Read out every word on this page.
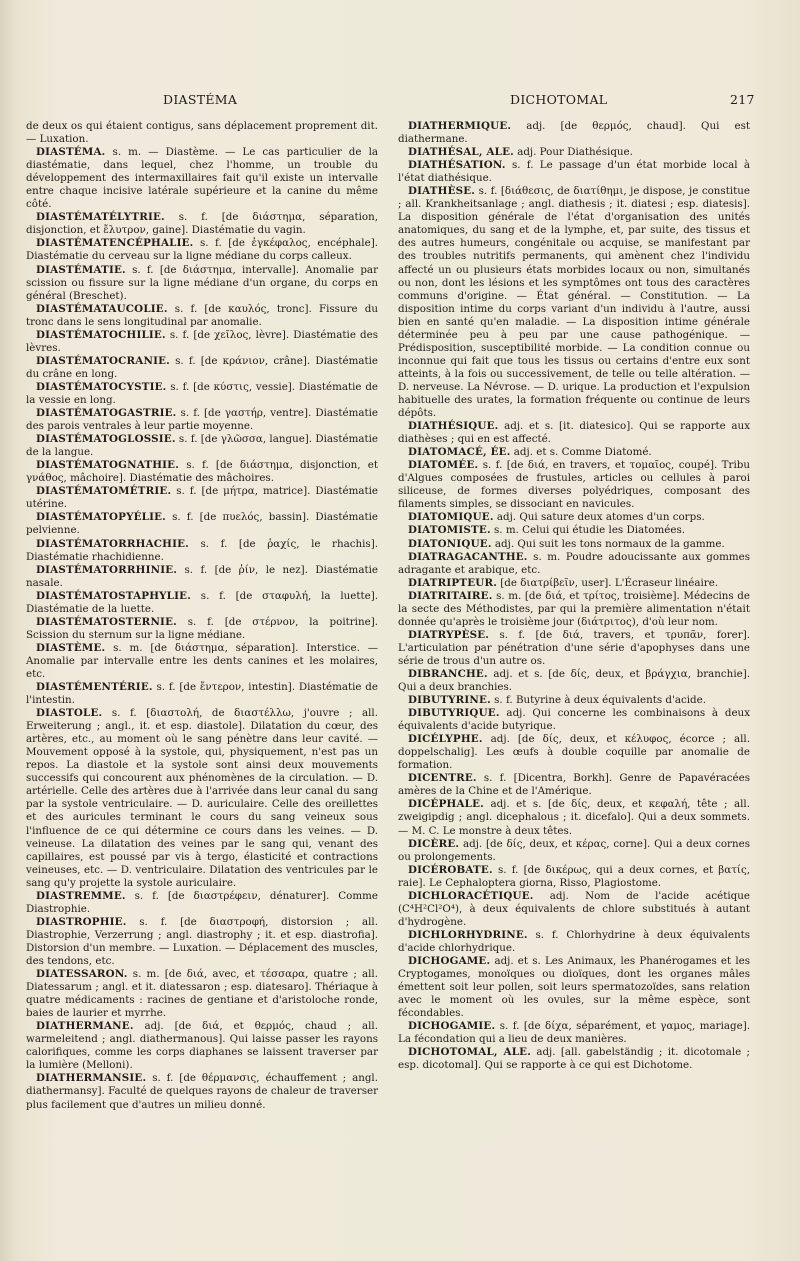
DIASTÉMA	DICHOTOMAL	217

de deux os qui étaient contigus, sans déplacement proprement dit. — Luxation.

DIASTÉMA. s. m. — Diastème. — Le cas particulier de la diastématie, dans lequel, chez l'homme, un trouble du développement des intermaxillaires fait qu'il existe un intervalle entre chaque incisive latérale supérieure et la canine du même côté.

DIASTÉMATÉLYTRIE. s. f. [de διάστημα, séparation, disjonction, et ἔλυτρον, gaine]. Diastématie du vagin.

DIASTÉMATENCÉPHALIE. s. f. [de ἐγκέφαλος, encéphale]. Diastématie du cerveau sur la ligne médiane du corps calleux.

DIASTÉMATIE. s. f. [de διάστημα, intervalle]. Anomalie par scission ou fissure sur la ligne médiane d'un organe, du corps en général (Breschet).

DIASTÉMATAUCOLIE. s. f. [de καυλός, tronc]. Fissure du tronc dans le sens longitudinal par anomalie.

DIASTÉMATOCHILIE. s. f. [de χεῖλος, lèvre]. Diastématie des lèvres.

DIASTÉMATOCRANIE. s. f. [de κράνιον, crâne]. Diastématie du crâne en long.

DIASTÉMATOCYSTIE. s. f. [de κύστις, vessie]. Diastématie de la vessie en long.

DIASTÉMATOGASTRIE. s. f. [de γαστήρ, ventre]. Diastématie des parois ventrales à leur partie moyenne.

DIASTÉMATOGLOSSIE. s. f. [de γλῶσσα, langue]. Diastématie de la langue.

DIASTÉMATOGNATHIE. s. f. [de διάστημα, disjonction, et γνάθος, mâchoire]. Diastématie des mâchoires.

DIASTÉMATOMÉTRIE. s. f. [de μήτρα, matrice]. Diastématie utérine.

DIASTÉMATOPYÉLIE. s. f. [de πυελός, bassin]. Diastématie pelvienne.

DIASTÉMATORRHACHIE. s. f. [de ῥαχίς, le rhachis]. Diastématie rhachidienne.

DIASTÉMATORRHINIE. s. f. [de ῥίν, le nez]. Diastématie nasale.

DIASTÉMATOSTAPHYLIE. s. f. [de σταφυλή, la luette]. Diastématie de la luette.

DIASTÉMATOSTERNIE. s. f. [de στέρνον, la poitrine]. Scission du sternum sur la ligne médiane.

DIASTÈME. s. m. [de διάστημα, séparation]. Interstice. — Anomalie par intervalle entre les dents canines et les molaires, etc.

DIASTÉMENTÉRIE. s. f. [de ἔντερον, intestin]. Diastématie de l'intestin.

DIASTOLE. s. f. [διαστολή, de διαστέλλω, j'ouvre ; all. Erweiterung ; angl., it. et esp. diastole]. Dilatation du cœur, des artères, etc., au moment où le sang pénètre dans leur cavité. — Mouvement opposé à la systole, qui, physiquement, n'est pas un repos. La diastole et la systole sont ainsi deux mouvements successifs qui concourent aux phénomènes de la circulation. — D. artérielle. Celle des artères due à l'arrivée dans leur canal du sang par la systole ventriculaire. — D. auriculaire. Celle des oreillettes et des auricules terminant le cours du sang veineux sous l'influence de ce qui détermine ce cours dans les veines. — D. veineuse. La dilatation des veines par le sang qui, venant des capillaires, est poussé par vis à tergo, élasticité et contractions veineuses, etc. — D. ventriculaire. Dilatation des ventricules par le sang qu'y projette la systole auriculaire.

DIASTREMME. s. f. [de διαστρέφειν, dénaturer]. Comme Diastrophie.

DIASTROPHIE. s. f. [de διαστροφή, distorsion ; all. Diastrophie, Verzerrung ; angl. diastrophy ; it. et esp. diastrofia]. Distorsion d'un membre. — Luxation. — Déplacement des muscles, des tendons, etc.

DIATESSARON. s. m. [de διά, avec, et τέσσαρα, quatre ; all. Diatessarum ; angl. et it. diatessaron ; esp. diatesaro]. Thériaque à quatre médicaments : racines de gentiane et d'aristoloche ronde, baies de laurier et myrrhe.

DIATHERMANE. adj. [de διά, et θερμός, chaud ; all. warmeleitend ; angl. diathermanous]. Qui laisse passer les rayons calorifiques, comme les corps diaphanes se laissent traverser par la lumière (Melloni).

DIATHERMANSIE. s. f. [de θέρμανσις, échauffement ; angl. diathermansy]. Faculté de quelques rayons de chaleur de traverser plus facilement que d'autres un milieu donné.

DIATHERMIQUE. adj. [de θερμός, chaud]. Qui est diathermane.

DIATHÉSAL, ALE. adj. Pour Diathésique.

DIATHÉSATION. s. f. Le passage d'un état morbide local à l'état diathésique.

DIATHÈSE. s. f. [διάθεσις, de διατίθημι, je dispose, je constitue ; all. Krankheitsanlage ; angl. diathesis ; it. diatesi ; esp. diatesis]. La disposition générale de l'état d'organisation des unités anatomiques, du sang et de la lymphe, et, par suite, des tissus et des autres humeurs, congénitale ou acquise, se manifestant par des troubles nutritifs permanents, qui amènent chez l'individu affecté un ou plusieurs états morbides locaux ou non, simultanés ou non, dont les lésions et les symptômes ont tous des caractères communs d'origine. — État général. — Constitution. — La disposition intime du corps variant d'un individu à l'autre, aussi bien en santé qu'en maladie. — La disposition intime générale déterminée peu à peu par une cause pathogénique. — Prédisposition, susceptibilité morbide. — La condition connue ou inconnue qui fait que tous les tissus ou certains d'entre eux sont atteints, à la fois ou successivement, de telle ou telle altération. — D. nerveuse. La Névrose. — D. urique. La production et l'expulsion habituelle des urates, la formation fréquente ou continue de leurs dépôts.

DIATHÉSIQUE. adj. et s. [it. diatesico]. Qui se rapporte aux diathèses ; qui en est affecté.

DIATOMACÉ, ÉE. adj. et s. Comme Diatomé.

DIATOMÉE. s. f. [de διά, en travers, et τομαῖος, coupé]. Tribu d'Algues composées de frustules, articles ou cellules à paroi siliceuse, de formes diverses polyédriques, composant des filaments simples, se dissociant en navicules.

DIATOMIQUE. adj. Qui sature deux atomes d'un corps.

DIATOMISTE. s. m. Celui qui étudie les Diatomées.

DIATONIQUE. adj. Qui suit les tons normaux de la gamme.

DIATRAGACANTHE. s. m. Poudre adoucissante aux gommes adragante et arabique, etc.

DIATRIPTEUR. [de διατρίβεῖν, user]. L'Écraseur linéaire.

DIATRITAIRE. s. m. [de διά, et τρίτος, troisième]. Médecins de la secte des Méthodistes, par qui la première alimentation n'était donnée qu'après le troisième jour (διάτριτος), d'où leur nom.

DIATRYPÈSE. s. f. [de διά, travers, et τρυπᾶν, forer]. L'articulation par pénétration d'une série d'apophyses dans une série de trous d'un autre os.

DIBRANCHE. adj. et s. [de δίς, deux, et βράγχια, branchie]. Qui a deux branchies.

DIBUTYRINE. s. f. Butyrine à deux équivalents d'acide.

DIBUTYRIQUE. adj. Qui concerne les combinaisons à deux équivalents d'acide butyrique.

DICÉLYPHE. adj. [de δίς, deux, et κέλυφος, écorce ; all. doppelschalig]. Les œufs à double coquille par anomalie de formation.

DICENTRE. s. f. [Dicentra, Borkh]. Genre de Papavéracées amères de la Chine et de l'Amérique.

DICÉPHALE. adj. et s. [de δίς, deux, et κεφαλή, tête ; all. zweigipdig ; angl. dicephalous ; it. dicefalo]. Qui a deux sommets. — M. C. Le monstre à deux têtes.

DICÈRE. adj. [de δίς, deux, et κέρας, corne]. Qui a deux cornes ou prolongements.

DICÉROBATE. s. f. [de δικέρως, qui a deux cornes, et βατίς, raie]. Le Cephaloptera giorna, Risso, Plagiostome.

DICHLORACÉTIQUE. adj. Nom de l'acide acétique (C⁴H²Cl²O⁴), à deux équivalents de chlore substitués à autant d'hydrogène.

DICHLORHYDRINE. s. f. Chlorhydrine à deux équivalents d'acide chlorhydrique.

DICHOGAME. adj. et s. Les Animaux, les Phanérogames et les Cryptogames, monoïques ou dioïques, dont les organes mâles émettent soit leur pollen, soit leurs spermatozoïdes, sans relation avec le moment où les ovules, sur la même espèce, sont fécondables.

DICHOGAMIE. s. f. [de δίχα, séparément, et γαμος, mariage]. La fécondation qui a lieu de deux manières.

DICHOTOMAL, ALE. adj. [all. gabelständig ; it. dicotomale ; esp. dicotomal]. Qui se rapporte à ce qui est Dichotome.
